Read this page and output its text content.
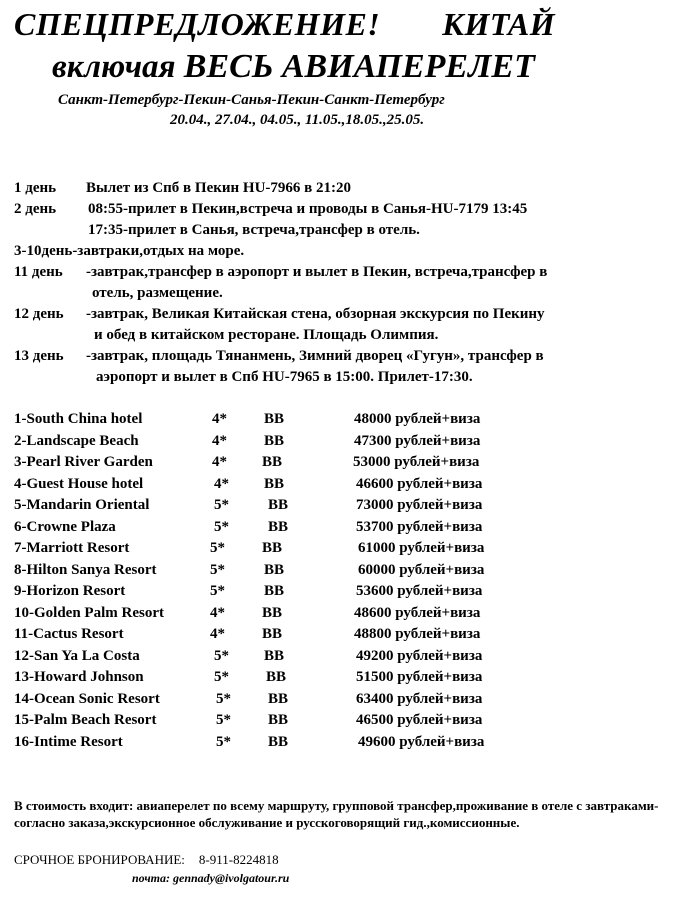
СПЕЦПРЕДЛОЖЕНИЕ! КИТАЙ
включая ВЕСЬ АВИАПЕРЕЛЕТ
Санкт-Петербург-Пекин-Санья-Пекин-Санкт-Петербург
20.04., 27.04., 04.05., 11.05.,18.05.,25.05.
1 день Вылет из Спб в Пекин HU-7966 в 21:20
2 день 08:55-прилет в Пекин,встреча и проводы в Санья-HU-7179 13:45
17:35-прилет в Санья, встреча,трансфер в отель.
3-10день-завтраки,отдых на море.
11 день -завтрак,трансфер в аэропорт и вылет в Пекин, встреча,трансфер в
отель, размещение.
12 день -завтрак, Великая Китайская стена, обзорная экскурсия по Пекину
и обед в китайском ресторане. Площадь Олимпия.
13 день -завтрак, площадь Тянанмень, Зимний дворец «Гугун», трансфер в
аэропорт и вылет в Спб HU-7965 в 15:00. Прилет-17:30.
1-South China hotel	4* BB	48000 рублей+виза
2-Landscape Beach	4* BB	47300 рублей+виза
3-Pearl River Garden	4* BB	53000 рублей+виза
4-Guest House hotel	4* BB	46600 рублей+виза
5-Mandarin Oriental	5*	BB	73000 рублей+виза
6-Crowne Plaza	5*	BB	53700 рублей+виза
7-Marriott Resort	5* BB	61000 рублей+виза
8-Hilton Sanya Resort	5*	BB	60000 рублей+виза
9-Horizon Resort	5*	BB	53600 рублей+виза
10-Golden Palm Resort	4* BB	48600 рублей+виза
11-Cactus Resort	4* BB	48800 рублей+виза
12-San Ya La Costa	5* BB	49200 рублей+виза
13-Howard Johnson	5* BB	51500 рублей+виза
14-Ocean Sonic Resort	5* BB	63400 рублей+виза
15-Palm Beach Resort	5* BB	46500 рублей+виза
16-Intime Resort	5* BB	49600 рублей+виза
В стоимость входит: авиаперелет по всему маршруту, групповой трансфер,проживание в отеле с завтраками-согласно заказа,экскурсионное обслуживание и русскоговорящий гид.,комиссионные.
СРОЧНОЕ БРОНИРОВАНИЕ: 8-911-8224818
почта: gennady@ivolgatour.ru
